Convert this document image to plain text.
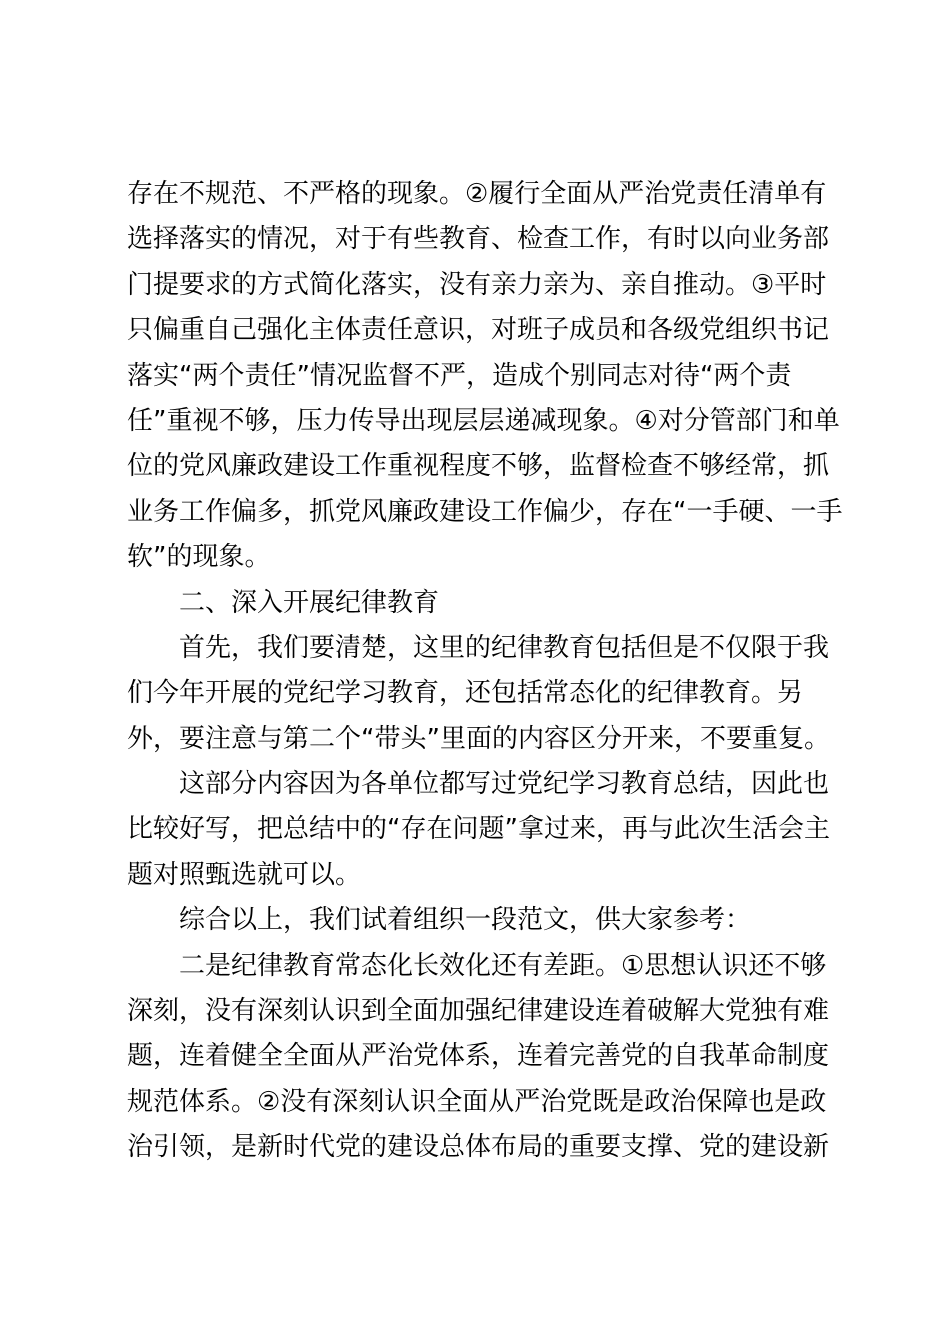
存在不规范、不严格的现象。②履行全面从严治党责任清单有
选择落实的情况，对于有些教育、检查工作，有时以向业务部
门提要求的方式简化落实，没有亲力亲为、亲自推动。③平时
只偏重自己强化主体责任意识，对班子成员和各级党组织书记
落实“两个责任”情况监督不严，造成个别同志对待“两个责
任”重视不够，压力传导出现层层递减现象。④对分管部门和单
位的党风廉政建设工作重视程度不够，监督检查不够经常，抓
业务工作偏多，抓党风廉政建设工作偏少，存在“一手硬、一手
软”的现象。
二、深入开展纪律教育
首先，我们要清楚，这里的纪律教育包括但是不仅限于我
们今年开展的党纪学习教育，还包括常态化的纪律教育。另
外，要注意与第二个“带头”里面的内容区分开来，不要重复。
这部分内容因为各单位都写过党纪学习教育总结，因此也
比较好写，把总结中的“存在问题”拿过来，再与此次生活会主
题对照甄选就可以。
综合以上，我们试着组织一段范文，供大家参考：
二是纪律教育常态化长效化还有差距。①思想认识还不够
深刻，没有深刻认识到全面加强纪律建设连着破解大党独有难
题，连着健全全面从严治党体系，连着完善党的自我革命制度
规范体系。②没有深刻认识全面从严治党既是政治保障也是政
治引领，是新时代党的建设总体布局的重要支撑、党的建设新
